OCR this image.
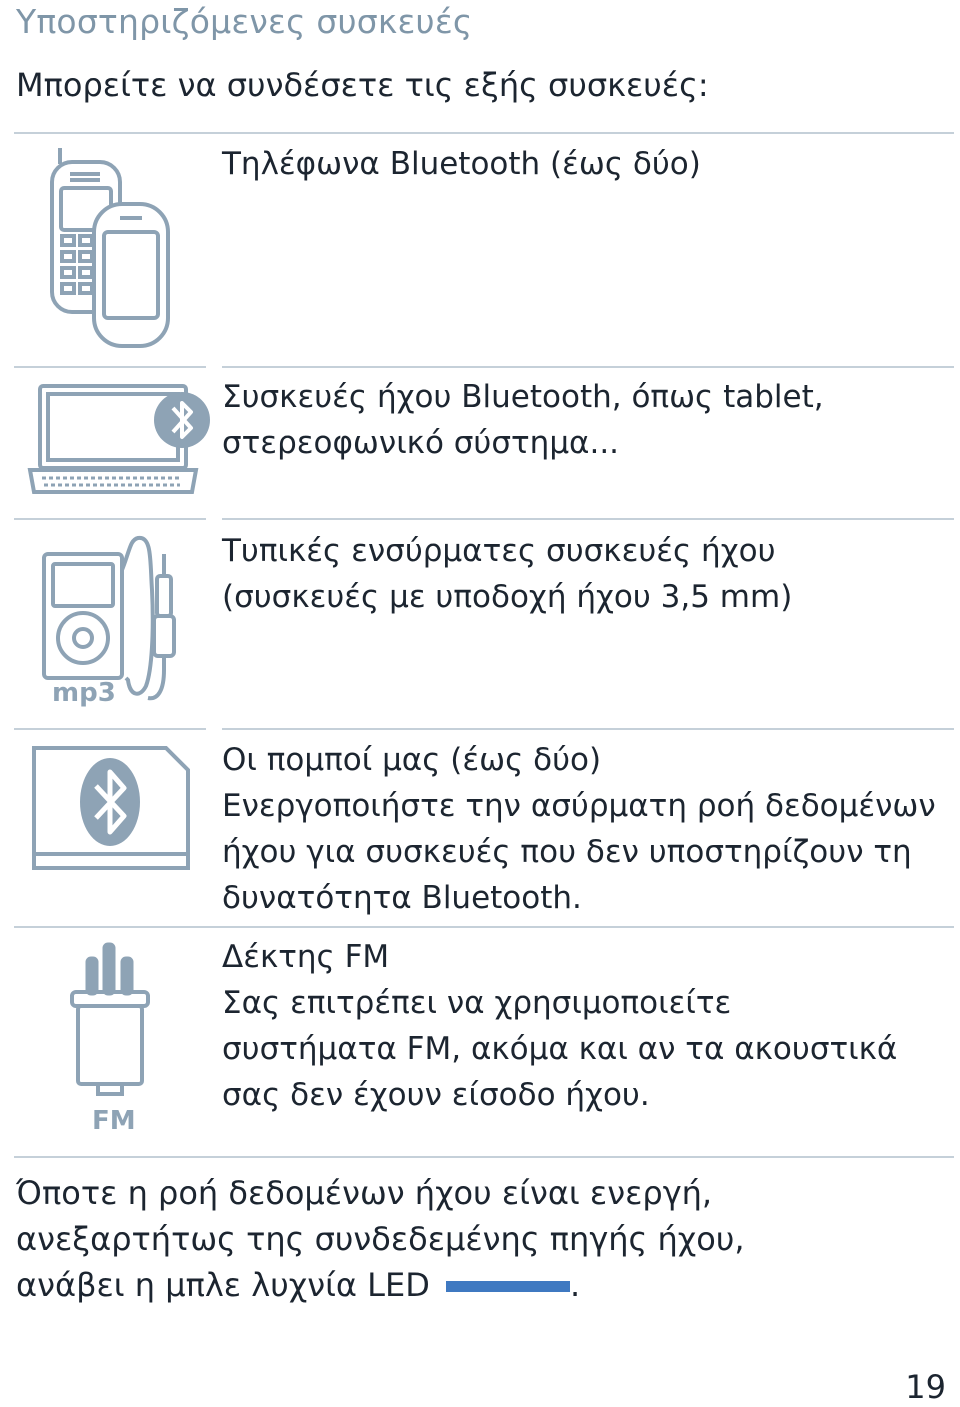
Υποστηριζόμενες συσκευές

Μπορείτε να συνδέσετε τις εξής συσκευές:

mp3
FM

Τηλέφωνα Bluetooth (έως δύο)

Συσκευές ήχου Bluetooth, όπως tablet,

στερεοφωνικό σύστημα...

Τυπικές ενσύρματες συσκευές ήχου

(συσκευές με υποδοχή ήχου 3,5 mm)

Οι πομποί μας (έως δύο)

Ενεργοποιήστε την ασύρματη ροή δεδομένων

ήχου για συσκευές που δεν υποστηρίζουν τη

δυνατότητα Bluetooth.

Δέκτης FM

Σας επιτρέπει να χρησιμοποιείτε

συστήματα FM, ακόμα και αν τα ακουστικά

σας δεν έχουν είσοδο ήχου.

Όποτε η ροή δεδομένων ήχου είναι ενεργή,

ανεξαρτήτως της συνδεδεμένης πηγής ήχου,

ανάβει η μπλε λυχνία LED	.

19
